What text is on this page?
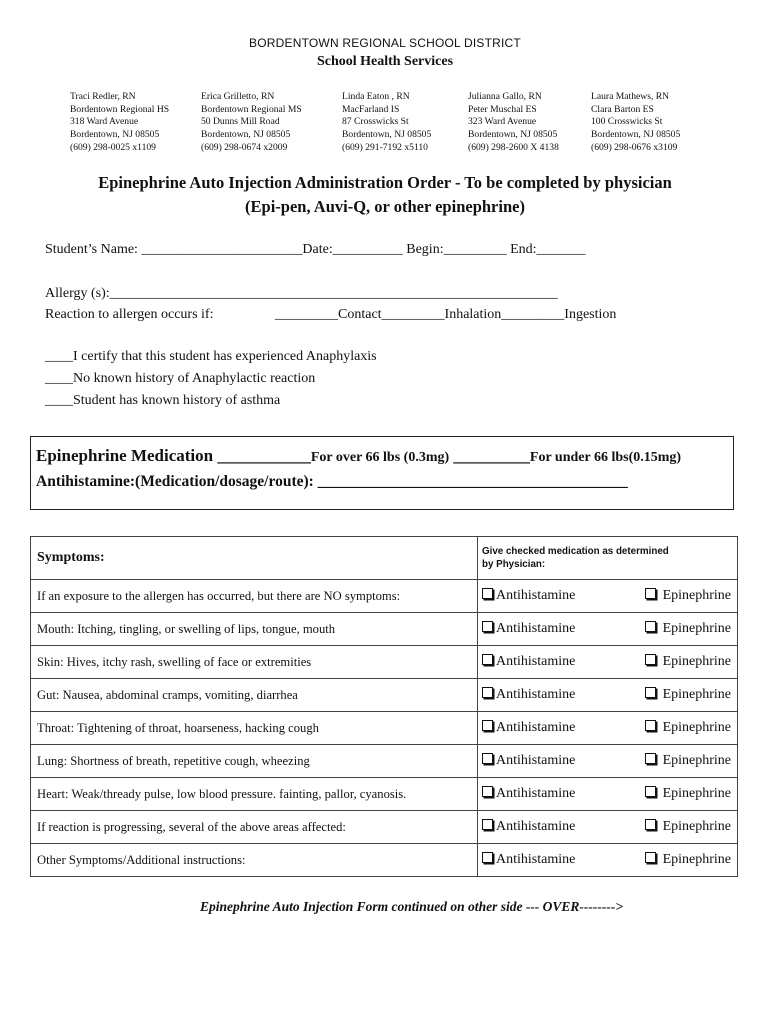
BORDENTOWN REGIONAL SCHOOL DISTRICT
School Health Services
Traci Redler, RN
Bordentown Regional HS
318 Ward Avenue
Bordentown, NJ 08505
(609) 298-0025 x1109
Erica Grilletto, RN
Bordentown Regional MS
50 Dunns Mill Road
Bordentown, NJ 08505
(609) 298-0674 x2009
Linda Eaton , RN
MacFarland IS
87 Crosswicks St
Bordentown, NJ 08505
(609) 291-7192 x5110
Julianna Gallo, RN
Peter Muschal ES
323 Ward Avenue
Bordentown, NJ 08505
(609) 298-2600 X 4138
Laura Mathews, RN
Clara Barton ES
100 Crosswicks St
Bordentown, NJ 08505
(609) 298-0676 x3109
Epinephrine Auto Injection Administration Order - To be completed by physician
(Epi-pen, Auvi-Q, or other epinephrine)
Student’s Name: _______________________Date:__________ Begin:_________ End:_______
Allergy (s):________________________________________________________________
Reaction to allergen occurs if:	_________Contact_________Inhalation_________Ingestion
____I certify that this student has experienced Anaphylaxis
____No known history of Anaphylactic reaction
____Student has known history of asthma
Epinephrine Medication ___________For over 66 lbs (0.3mg) _________For under 66 lbs(0.15mg)
Antihistamine:(Medication/dosage/route): ________________________________________
Symptoms:	Give checked medication as determined
by Physician:

If an exposure to the allergen has occurred, but there are NO symptoms:	Antihistamine Epinephrine

Mouth: Itching, tingling, or swelling of lips, tongue, mouth	Antihistamine Epinephrine

Skin: Hives, itchy rash, swelling of face or extremities	Antihistamine Epinephrine

Gut: Nausea, abdominal cramps, vomiting, diarrhea	Antihistamine Epinephrine

Throat: Tightening of throat, hoarseness, hacking cough	Antihistamine Epinephrine

Lung: Shortness of breath, repetitive cough, wheezing	Antihistamine Epinephrine

Heart: Weak/thready pulse, low blood pressure. fainting, pallor, cyanosis.	Antihistamine Epinephrine

If reaction is progressing, several of the above areas affected:	Antihistamine Epinephrine

Other Symptoms/Additional instructions:	Antihistamine Epinephrine
Epinephrine Auto Injection Form continued on other side --- OVER-------->
